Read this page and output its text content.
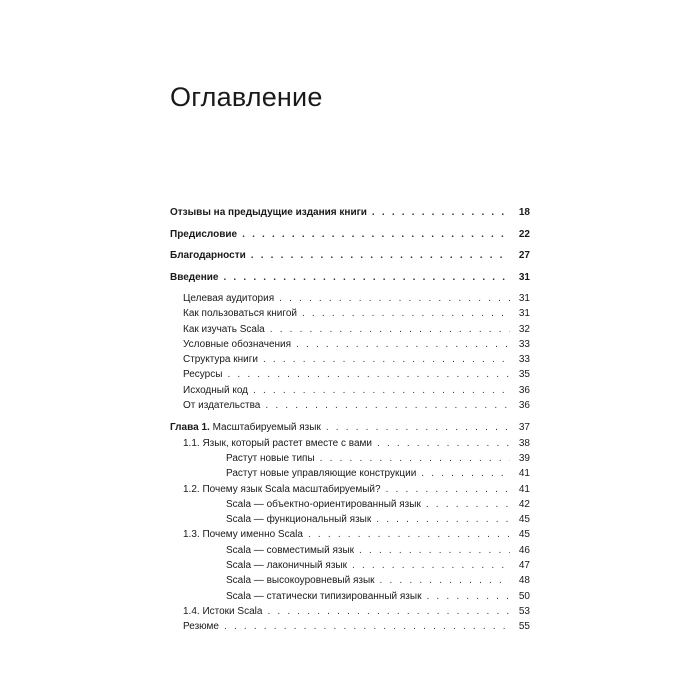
Оглавление
Отзывы на предыдущие издания книги . . .	18
Предисловие . . .	22
Благодарности . . .	27
Введение . . .	31
Целевая аудитория . . .	31
Как пользоваться книгой . . .	31
Как изучать Scala . . .	32
Условные обозначения . . .	33
Структура книги . . .	33
Ресурсы . . .	35
Исходный код . . .	36
От издательства . . .	36
Глава 1. Масштабируемый язык . . .	37
1.1. Язык, который растет вместе с вами . . .	38
Растут новые типы . . .	39
Растут новые управляющие конструкции . . .	41
1.2. Почему язык Scala масштабируемый? . . .	41
Scala — объектно-ориентированный язык . . .	42
Scala — функциональный язык . . .	45
1.3. Почему именно Scala . . .	45
Scala — совместимый язык . . .	46
Scala — лаконичный язык . . .	47
Scala — высокоуровневый язык . . .	48
Scala — статически типизированный язык . . .	50
1.4. Истоки Scala . . .	53
Резюме . . .	55
